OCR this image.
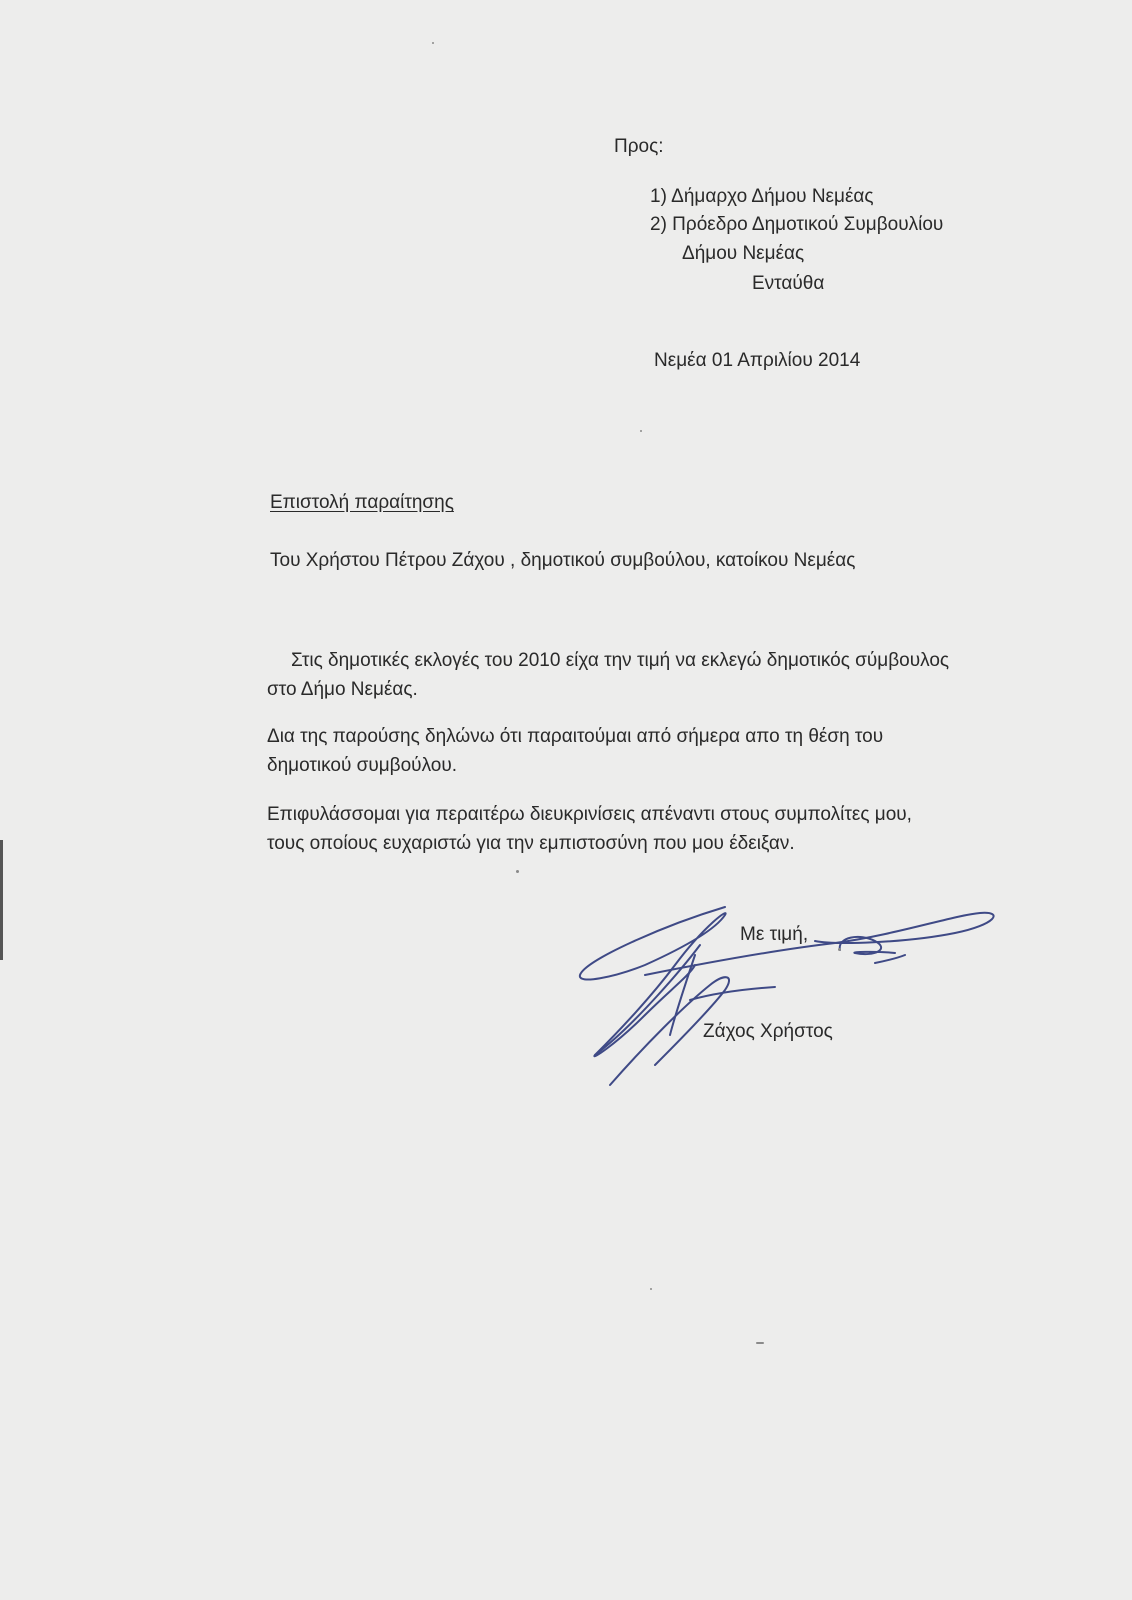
Προς:
1) Δήμαρχο Δήμου Νεμέας
2) Πρόεδρο Δημοτικού Συμβουλίου
Δήμου Νεμέας
Ενταύθα
Νεμέα 01 Απριλίου 2014
Επιστολή παραίτησης
Του Χρήστου Πέτρου Ζάχου , δημοτικού συμβούλου, κατοίκου Νεμέας
Στις δημοτικές εκλογές του 2010 είχα την τιμή να εκλεγώ δημοτικός σύμβουλος
στο Δήμο Νεμέας.
Δια της παρούσης δηλώνω ότι παραιτούμαι από σήμερα απο τη θέση του
δημοτικού συμβούλου.
Επιφυλάσσομαι για περαιτέρω διευκρινίσεις απέναντι στους συμπολίτες μου,
τους οποίους ευχαριστώ για την εμπιστοσύνη που μου έδειξαν.
Με τιμή,
Ζάχος Χρήστος
